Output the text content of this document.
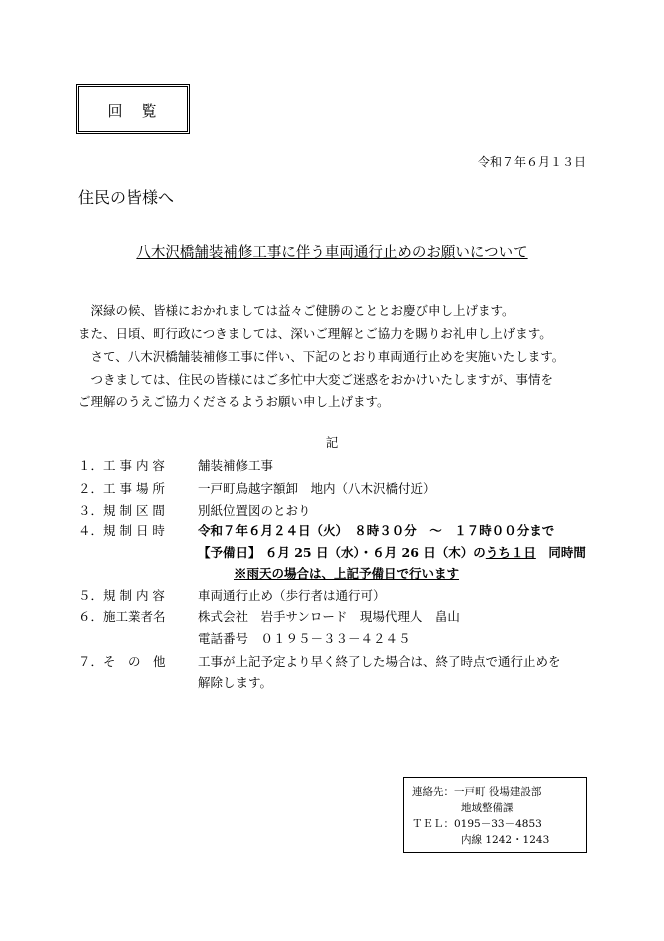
回　覧
令和７年６月１３日
住民の皆様へ
八木沢橋舗装補修工事に伴う車両通行止めのお願いについて
　深緑の候、皆様におかれましては益々ご健勝のこととお慶び申し上げます。
また、日頃、町行政につきましては、深いご理解とご協力を賜りお礼申し上げます。
　さて、八木沢橋舗装補修工事に伴い、下記のとおり車両通行止めを実施いたします。
　つきましては、住民の皆様にはご多忙中大変ご迷惑をおかけいたしますが、事情を
ご理解のうえご協力くださるようお願い申し上げます。
記
１．工 事 内 容	舗装補修工事
２．工 事 場 所	一戸町鳥越字額卸　地内（八木沢橋付近）
３．規 制 区 間	別紙位置図のとおり
４．規 制 日 時	令和７年６月２４日（火）　８時３０分　～　１７時００分まで
【予備日】 ６月 25 日（水）・６月 26 日（木）のうち１日　同時間
※雨天の場合は、上記予備日で行います
５．規 制 内 容	車両通行止め（歩行者は通行可）
６．施工業者名	株式会社　岩手サンロード　現場代理人　畠山
電話番号　０１９５－３３－４２４５
７．そ　の　他	工事が上記予定より早く終了した場合は、終了時点で通行止めを
解除します。
連絡先：一戸町 役場建設部
地域整備課
ＴＥＬ：0195－33－4853
内線 1242・1243
